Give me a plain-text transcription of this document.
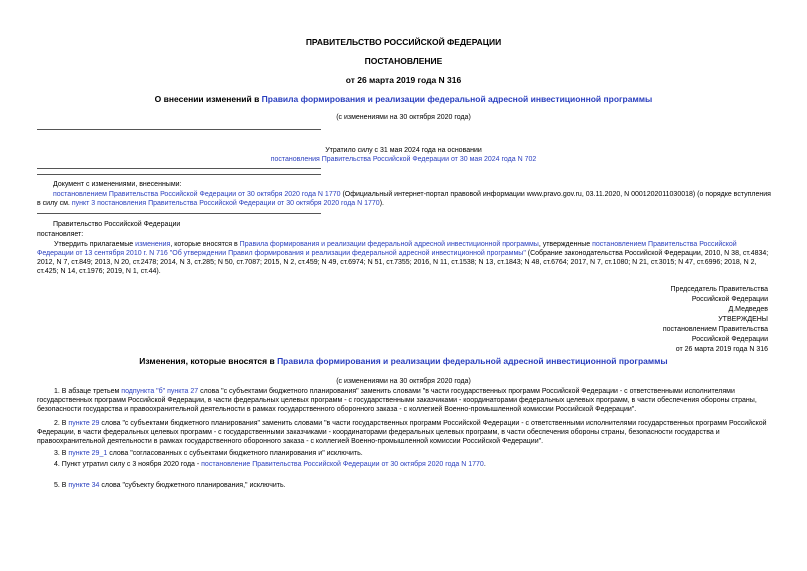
ПРАВИТЕЛЬСТВО РОССИЙСКОЙ ФЕДЕРАЦИИ
ПОСТАНОВЛЕНИЕ
от 26 марта 2019 года N 316
О внесении изменений в Правила формирования и реализации федеральной адресной инвестиционной программы
(с изменениями на 30 октября 2020 года)
Утратило силу с 31 мая 2024 года на основании
постановления Правительства Российской Федерации от 30 мая 2024 года N 702
Документ с изменениями, внесенными:
постановлением Правительства Российской Федерации от 30 октября 2020 года N 1770 (Официальный интернет-портал правовой информации www.pravo.gov.ru, 03.11.2020, N 0001202011030018) (о порядке вступления в силу см. пункт 3 постановления Правительства Российской Федерации от 30 октября 2020 года N 1770).
Правительство Российской Федерации
постановляет:
Утвердить прилагаемые изменения, которые вносятся в Правила формирования и реализации федеральной адресной инвестиционной программы, утвержденные постановлением Правительства Российской Федерации от 13 сентября 2010 г. N 716 "Об утверждении Правил формирования и реализации федеральной адресной инвестиционной программы" (Собрание законодательства Российской Федерации, 2010, N 38, ст.4834; 2012, N 7, ст.849; 2013, N 20, ст.2478; 2014, N 3, ст.285; N 50, ст.7087; 2015, N 2, ст.459; N 49, ст.6974; N 51, ст.7355; 2016, N 11, ст.1538; N 13, ст.1843; N 48, ст.6764; 2017, N 7, ст.1080; N 21, ст.3015; N 47, ст.6996; 2018, N 2, ст.425; N 14, ст.1976; 2019, N 1, ст.44).
Председатель Правительства
Российской Федерации
Д.Медведев
УТВЕРЖДЕНЫ
постановлением Правительства
Российской Федерации
от 26 марта 2019 года N 316
Изменения, которые вносятся в Правила формирования и реализации федеральной адресной инвестиционной программы
(с изменениями на 30 октября 2020 года)
1. В абзаце третьем подпункта "б" пункта 27 слова "с субъектами бюджетного планирования" заменить словами "в части государственных программ Российской Федерации - с ответственными исполнителями государственных программ Российской Федерации, в части федеральных целевых программ - с государственными заказчиками - координаторами федеральных целевых программ, в части обеспечения обороны страны, безопасности государства и правоохранительной деятельности в рамках государственного оборонного заказа - с коллегией Военно-промышленной комиссии Российской Федерации".
2. В пункте 29 слова "с субъектами бюджетного планирования" заменить словами "в части государственных программ Российской Федерации - с ответственными исполнителями государственных программ Российской Федерации, в части федеральных целевых программ - с государственными заказчиками - координаторами федеральных целевых программ, в части обеспечения обороны страны, безопасности государства и правоохранительной деятельности в рамках государственного оборонного заказа - с коллегией Военно-промышленной комиссии Российской Федерации".
3. В пункте 29_1 слова "согласованных с субъектами бюджетного планирования и" исключить.
4. Пункт утратил силу с 3 ноября 2020 года - постановление Правительства Российской Федерации от 30 октября 2020 года N 1770.
5. В пункте 34 слова "субъекту бюджетного планирования," исключить.
